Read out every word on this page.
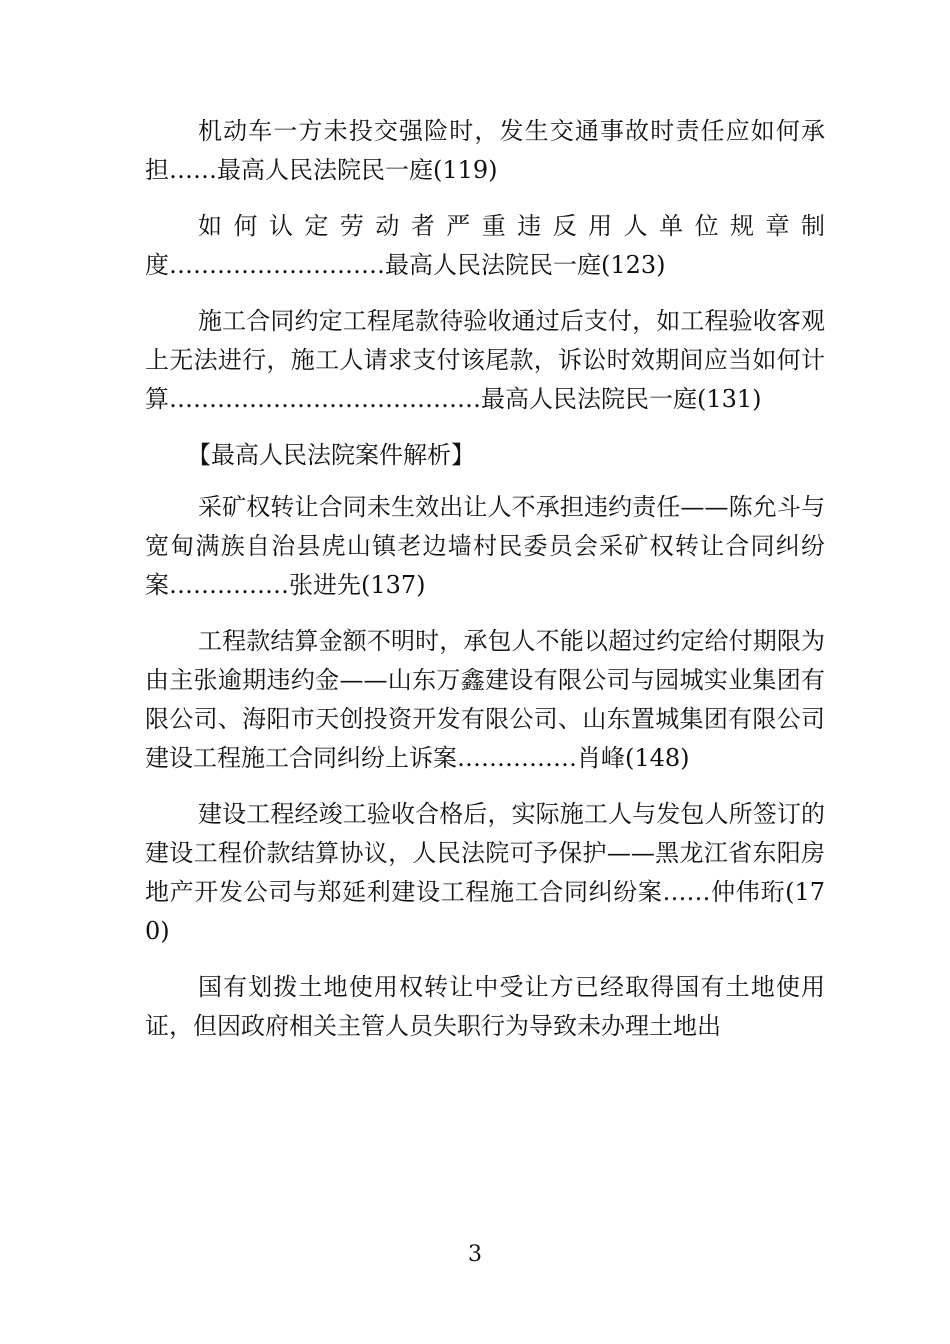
机动车一方未投交强险时，发生交通事故时责任应如何承担……最高人民法院民一庭(119)

如何认定劳动者严重违反用人单位规章制度………………………最高人民法院民一庭(123)

施工合同约定工程尾款待验收通过后支付，如工程验收客观上无法进行，施工人请求支付该尾款，诉讼时效期间应当如何计算…………………………………最高人民法院民一庭(131)

【最高人民法院案件解析】

采矿权转让合同未生效出让人不承担违约责任——陈允斗与宽甸满族自治县虎山镇老边墙村民委员会采矿权转让合同纠纷案……………张进先(137)

工程款结算金额不明时，承包人不能以超过约定给付期限为由主张逾期违约金——山东万鑫建设有限公司与园城实业集团有限公司、海阳市天创投资开发有限公司、山东置城集团有限公司建设工程施工合同纠纷上诉案……………肖峰(148)

建设工程经竣工验收合格后，实际施工人与发包人所签订的建设工程价款结算协议，人民法院可予保护——黑龙江省东阳房地产开发公司与郑延利建设工程施工合同纠纷案……仲伟珩(170)

国有划拨土地使用权转让中受让方已经取得国有土地使用证，但因政府相关主管人员失职行为导致未办理土地出

3
